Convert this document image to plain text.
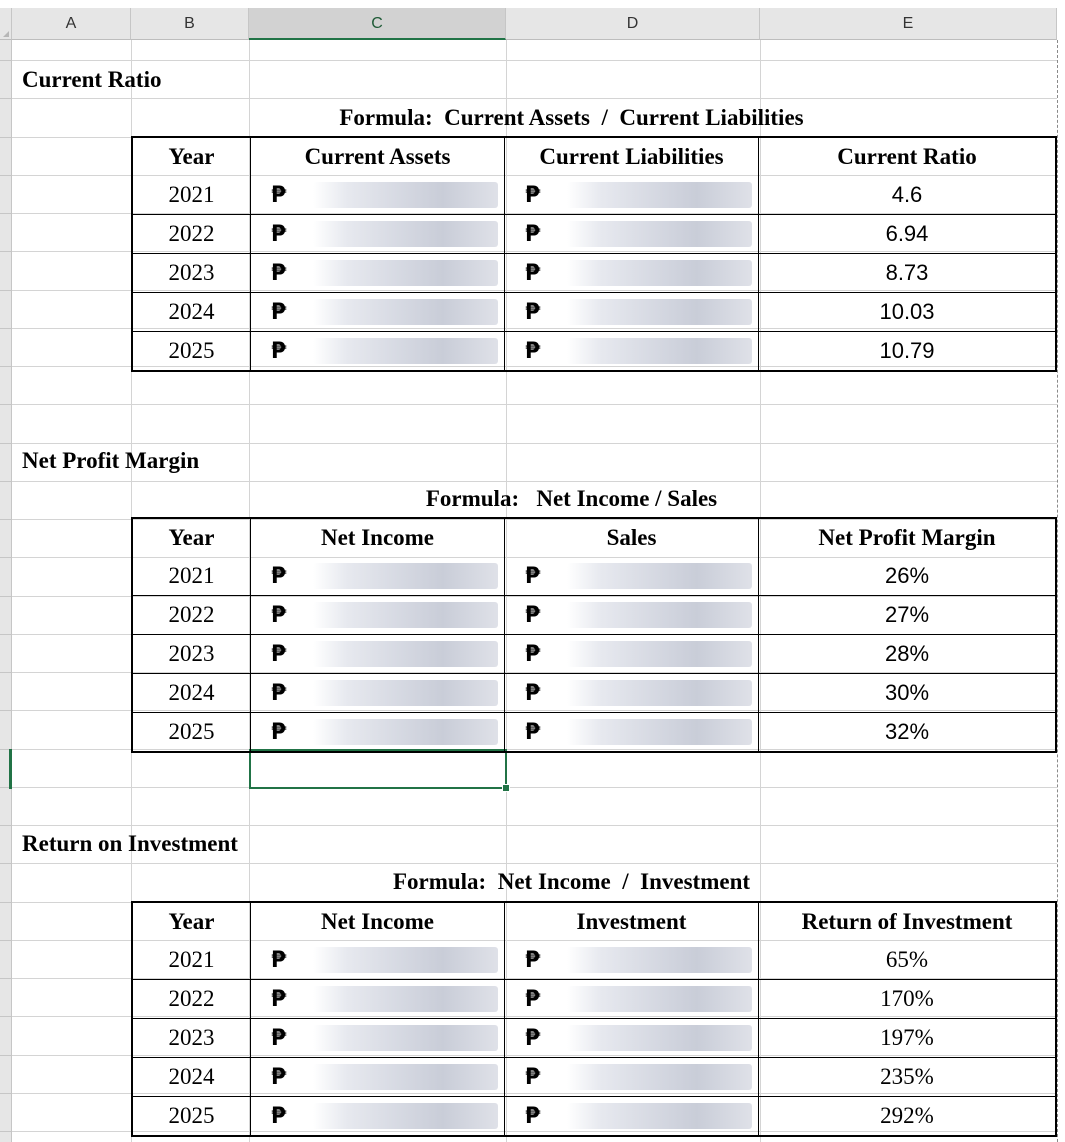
A	B	C	D	E
Current Ratio
Formula:  Current Assets  /  Current Liabilities
Year	Current Assets	Current Liabilities	Current Ratio
2021	₱	₱	4.6
2022	₱	₱	6.94
2023	₱	₱	8.73
2024	₱	₱	10.03
2025	₱	₱	10.79
Net Profit Margin
Formula:   Net Income / Sales
Year	Net Income	Sales	Net Profit Margin
2021	₱	₱	26%
2022	₱	₱	27%
2023	₱	₱	28%
2024	₱	₱	30%
2025	₱	₱	32%
Return on Investment
Formula:  Net Income  /  Investment
Year	Net Income	Investment	Return of Investment
2021	₱	₱	65%
2022	₱	₱	170%
2023	₱	₱	197%
2024	₱	₱	235%
2025	₱	₱	292%
